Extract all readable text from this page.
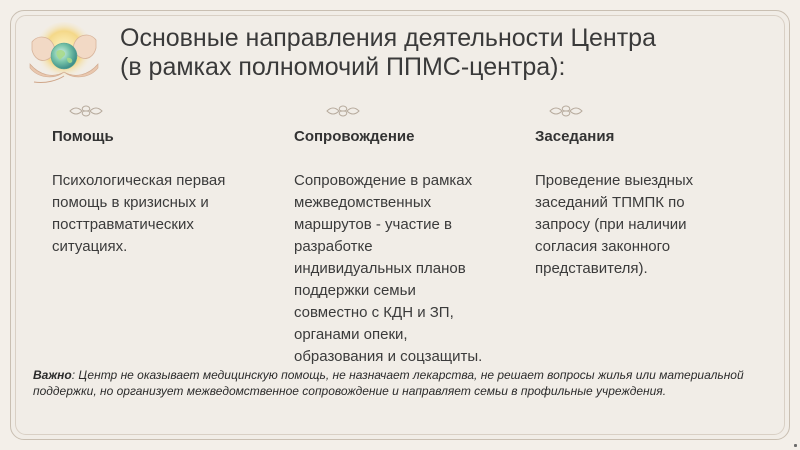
Основные направления деятельности Центра
(в рамках полномочий ППМС-центра):

Помощь

Психологическая первая
помощь в кризисных и
посттравматических
ситуациях.

Сопровождение

Сопровождение в рамках
межведомственных
маршрутов - участие в
разработке
индивидуальных планов
поддержки семьи
совместно с КДН и ЗП,
органами опеки,
образования и соцзащиты.

Заседания

Проведение выездных
заседаний ТПМПК по
запросу (при наличии
согласия законного
представителя).

Важно: Центр не оказывает медицинскую помощь, не назначает лекарства, не решает вопросы жилья или материальной поддержки, но организует межведомственное сопровождение и направляет семьи в профильные учреждения.
